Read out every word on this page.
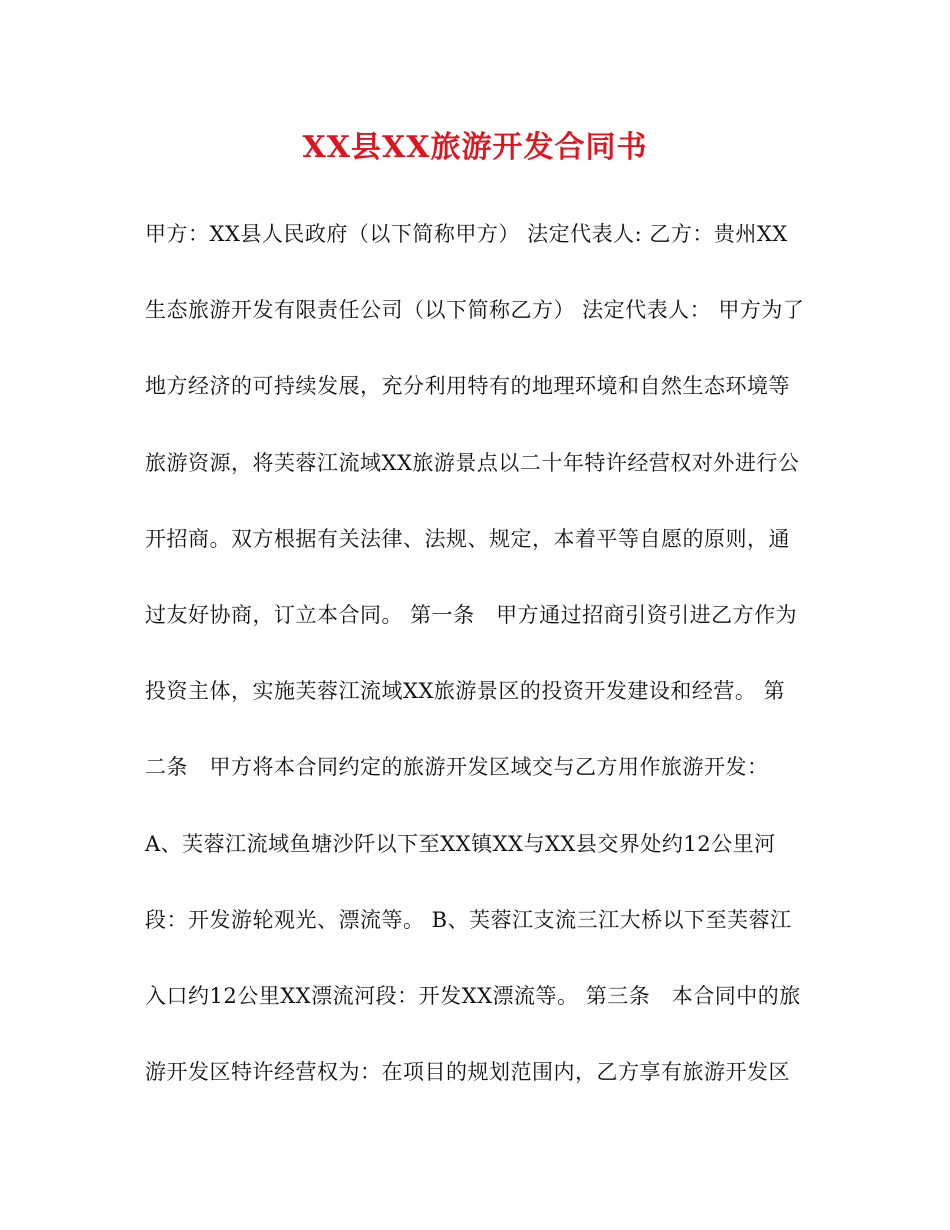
XX县XX旅游开发合同书
甲方：XX县人民政府（以下简称甲方） 法定代表人: 乙方：贵州XX
生态旅游开发有限责任公司（以下简称乙方） 法定代表人： 甲方为了
地方经济的可持续发展，充分利用特有的地理环境和自然生态环境等
旅游资源，将芙蓉江流域XX旅游景点以二十年特许经营权对外进行公
开招商。双方根据有关法律、法规、规定，本着平等自愿的原则，通
过友好协商，订立本合同。 第一条　甲方通过招商引资引进乙方作为
投资主体，实施芙蓉江流域XX旅游景区的投资开发建设和经营。 第
二条　甲方将本合同约定的旅游开发区域交与乙方用作旅游开发：
A、芙蓉江流域鱼塘沙阡以下至XX镇XX与XX县交界处约12公里河
段：开发游轮观光、漂流等。 B、芙蓉江支流三江大桥以下至芙蓉江
入口约12公里XX漂流河段：开发XX漂流等。 第三条　本合同中的旅
游开发区特许经营权为：在项目的规划范围内，乙方享有旅游开发区
